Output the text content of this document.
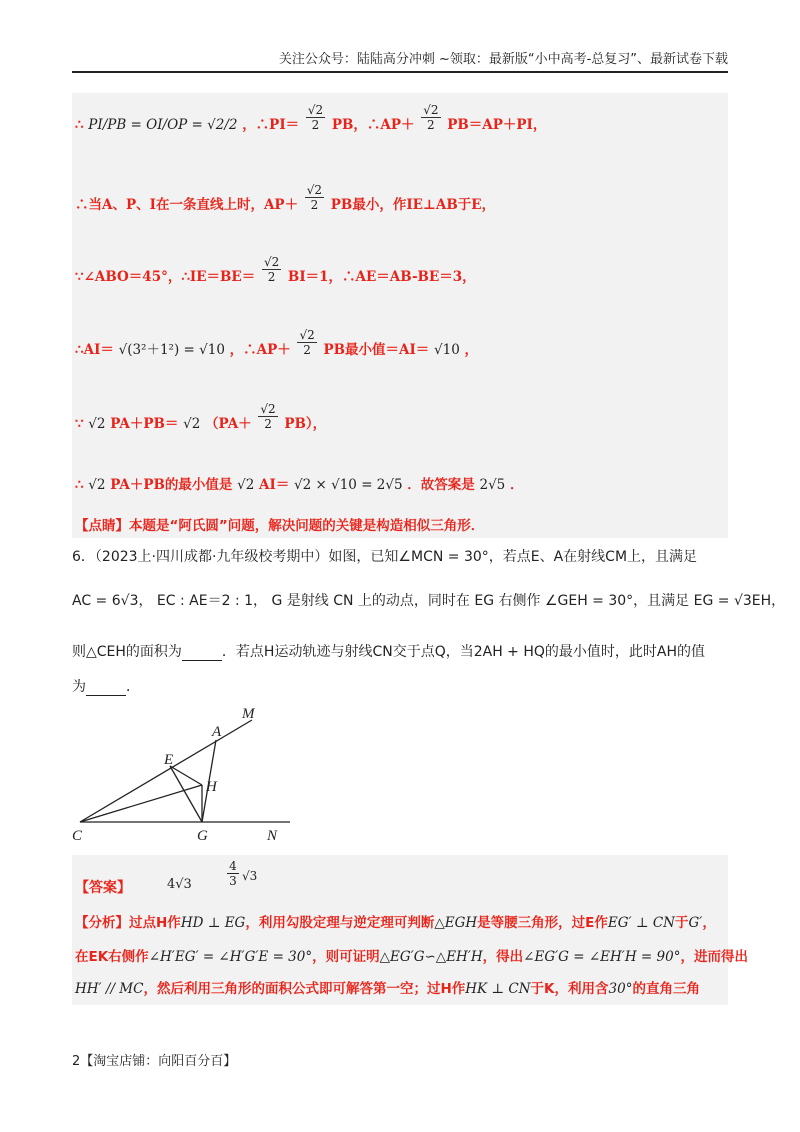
关注公众号：陆陆高分冲刺 ~领取：最新版“小中高考-总复习”、最新试卷下载
∴ PI/PB = OI/OP = √2/2 ，∴PI＝ $\frac{√2}{2}$ PB，∴AP＋ $\frac{√2}{2} PB=AP+PI$，
∴当A、P、I在一条直线上时，$AP+ \frac{√2}{2}$ PB最小，作IE⊥AB于E，
∵∠ABO＝45°，∴IE＝BE＝ $\frac{√2}{2} BI=1$，∴AE＝AB-BE＝3，
∴AI＝ √(3²＋1²) = √10 ，∴AP＋ $\frac{√2}{2}$ PB最小值＝AI＝ √10 ，
∵ √2 PA＋PB＝ √2 $(PA+ \frac{√2}{2} PB)$，
∴ √2 PA＋PB的最小值是 √2 AI＝ √2 × √10 = 2√5 ．故答案是 2√5 ．
【点睛】本题是“阿氏圆”问题，解决问题的关键是构造相似三角形．
6．（2023上·四川成都·九年级校考期中）如图，已知∠MCN = 30°，若点E、A在射线CM上，且满足
AC = 6√3， EC : AE＝2 : 1， G 是射线 CN 上的动点，同时在 EG 右侧作 ∠GEH = 30°，且满足 EG = √3EH，
则△CEH的面积为	．若点H运动轨迹与射线CN交于点Q，当2AH + HQ的最小值时，此时AH的值
为	．
M
A
E
H
C	G	N
【答案】	4√3
4
3 √3
【分析】过点H作HD ⊥ EG，利用勾股定理与逆定理可判断△EGH是等腰三角形，过E作EG′ ⊥ CN于G′，
在EK右侧作∠H′EG′ = ∠H′G′E = 30°，则可证明△EG′G∽△EH′H，得出∠EG′G = ∠EH′H = 90°，进而得出
HH′ // MC，然后利用三角形的面积公式即可解答第一空；过H作HK ⊥ CN于K，利用含30°的直角三角
2【淘宝店铺：向阳百分百】
